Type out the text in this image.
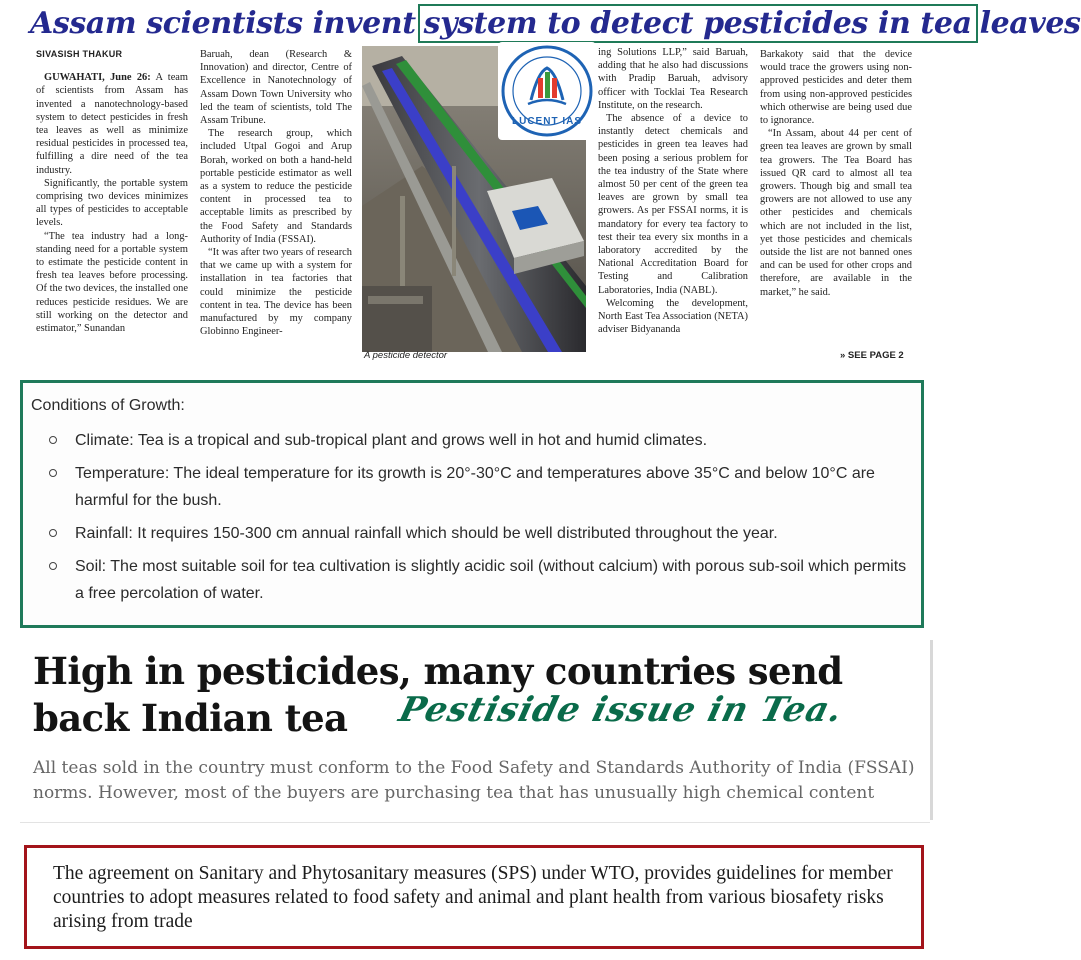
Assam scientists invent system to detect pesticides in tea leaves

SIVASISH THAKUR

GUWAHATI, June 26: A team of scientists from Assam has invented a nanotechnology-based system to detect pesticides in fresh tea leaves as well as minimize residual pesticides in processed tea, fulfilling a dire need of the tea industry.

Significantly, the portable system comprising two devices minimizes all types of pesticides to acceptable levels.

“The tea industry had a long-standing need for a portable system to estimate the pesticide content in fresh tea leaves before processing. Of the two devices, the installed one reduces pesticide residues. We are still working on the detector and estimator,” Sunandan

Baruah, dean (Research & Innovation) and director, Centre of Excellence in Nanotechnology of Assam Down Town University who led the team of scientists, told The Assam Tribune.

The research group, which included Utpal Gogoi and Arup Borah, worked on both a hand-held portable pesticide estimator as well as a system to reduce the pesticide content in processed tea to acceptable limits as prescribed by the Food Safety and Standards Authority of India (FSSAI).

“It was after two years of research that we came up with a system for installation in tea factories that could minimize the pesticide content in tea. The device has been manufactured by my company Globinno Engineer-

LUCENT IAS

ing Solutions LLP,” said Baruah, adding that he also had discussions with Pradip Baruah, advisory officer with Tocklai Tea Research Institute, on the research.

The absence of a device to instantly detect chemicals and pesticides in green tea leaves had been posing a serious problem for the tea industry of the State where almost 50 per cent of the green tea leaves are grown by small tea growers. As per FSSAI norms, it is mandatory for every tea factory to test their tea every six months in a laboratory accredited by the National Accreditation Board for Testing and Calibration Laboratories, India (NABL).

Welcoming the development, North East Tea Association (NETA) adviser Bidyananda

Barkakoty said that the device would trace the growers using non- approved pesticides and deter them from using non-approved pesticides which otherwise are being used due to ignorance.

“In Assam, about 44 per cent of green tea leaves are grown by small tea growers. The Tea Board has issued QR card to almost all tea growers. Though big and small tea growers are not allowed to use any other pesticides and chemicals which are not included in the list, yet those pesticides and chemicals outside the list are not banned ones and can be used for other crops and therefore, are available in the market,” he said.

A pesticide detector	» SEE PAGE 2
Conditions of Growth:
Climate: Tea is a tropical and sub-tropical plant and grows well in hot and humid climates.
Temperature: The ideal temperature for its growth is 20°-30°C and temperatures above 35°C and below 10°C are harmful for the bush.
Rainfall: It requires 150-300 cm annual rainfall which should be well distributed throughout the year.
Soil: The most suitable soil for tea cultivation is slightly acidic soil (without calcium) with porous sub-soil which permits a free percolation of water.
High in pesticides, many countries send
back Indian tea	Pestiside issue in Tea.
All teas sold in the country must conform to the Food Safety and Standards Authority of India (FSSAI) norms. However, most of the buyers are purchasing tea that has unusually high chemical content
The agreement on Sanitary and Phytosanitary measures (SPS) under WTO, provides guidelines for member countries to adopt measures related to food safety and animal and plant health from various biosafety risks arising from trade
